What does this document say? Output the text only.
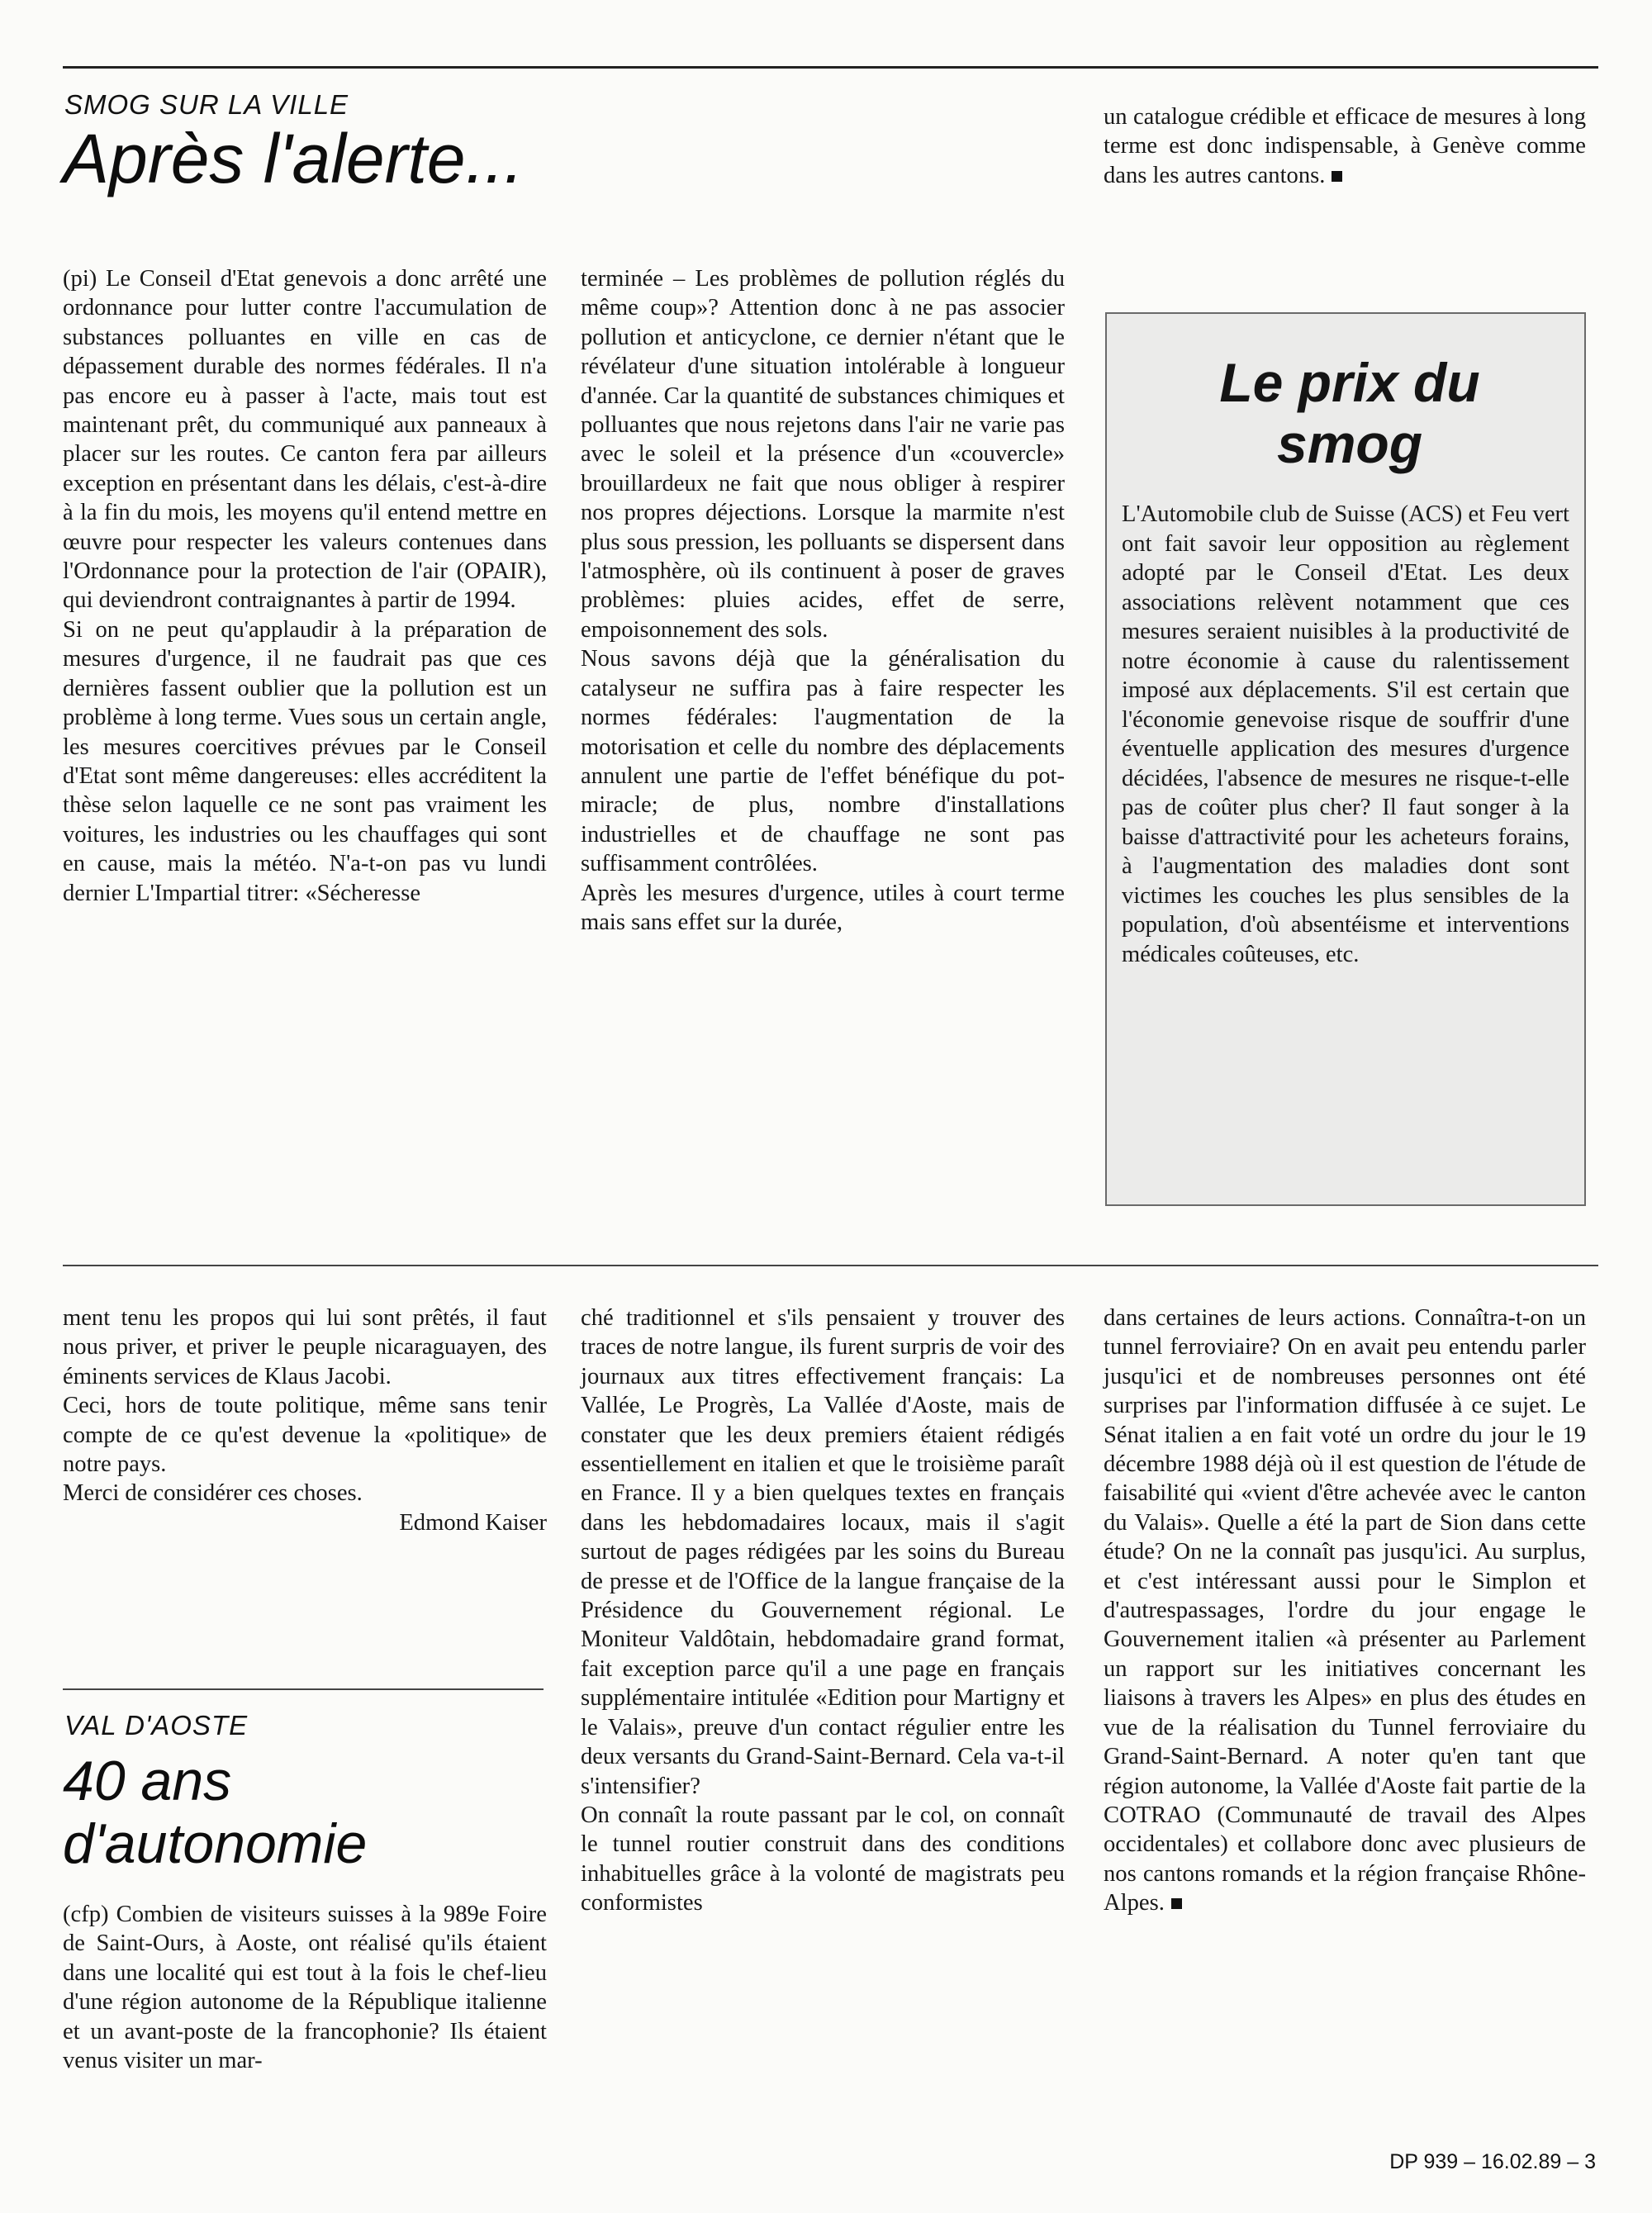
SMOG SUR LA VILLE
Après l'alerte...

(pi) Le Conseil d'Etat genevois a donc arrêté une ordonnance pour lutter contre l'accumulation de substances polluantes en ville en cas de dépassement durable des normes fédérales. Il n'a pas encore eu à passer à l'acte, mais tout est maintenant prêt, du communiqué aux panneaux à placer sur les routes. Ce canton fera par ailleurs exception en présentant dans les délais, c'est-à-dire à la fin du mois, les moyens qu'il entend mettre en œuvre pour respecter les valeurs contenues dans l'Ordonnance pour la protection de l'air (OPAIR), qui deviendront contraignantes à partir de 1994.

Si on ne peut qu'applaudir à la préparation de mesures d'urgence, il ne faudrait pas que ces dernières fassent oublier que la pollution est un problème à long terme. Vues sous un certain angle, les mesures coercitives prévues par le Conseil d'Etat sont même dangereuses: elles accréditent la thèse selon laquelle ce ne sont pas vraiment les voitures, les industries ou les chauffages qui sont en cause, mais la météo. N'a-t-on pas vu lundi dernier L'Impartial titrer: «Sécheresse

terminée – Les problèmes de pollution réglés du même coup»? Attention donc à ne pas associer pollution et anticyclone, ce dernier n'étant que le révélateur d'une situation intolérable à longueur d'année. Car la quantité de substances chimiques et polluantes que nous rejetons dans l'air ne varie pas avec le soleil et la présence d'un «couvercle» brouillardeux ne fait que nous obliger à respirer nos propres déjections. Lorsque la marmite n'est plus sous pression, les polluants se dispersent dans l'atmosphère, où ils continuent à poser de graves problèmes: pluies acides, effet de serre, empoisonnement des sols.

Nous savons déjà que la généralisation du catalyseur ne suffira pas à faire respecter les normes fédérales: l'augmentation de la motorisation et celle du nombre des déplacements annulent une partie de l'effet bénéfique du pot-miracle; de plus, nombre d'installations industrielles et de chauffage ne sont pas suffisamment contrôlées.

Après les mesures d'urgence, utiles à court terme mais sans effet sur la durée,

un catalogue crédible et efficace de mesures à long terme est donc indispensable, à Genève comme dans les autres cantons.

Le prix du smog
L'Automobile club de Suisse (ACS) et Feu vert ont fait savoir leur opposition au règlement adopté par le Conseil d'Etat. Les deux associations relèvent notamment que ces mesures seraient nuisibles à la productivité de notre économie à cause du ralentissement imposé aux déplacements. S'il est certain que l'économie genevoise risque de souffrir d'une éventuelle application des mesures d'urgence décidées, l'absence de mesures ne risque-t-elle pas de coûter plus cher? Il faut songer à la baisse d'attractivité pour les acheteurs forains, à l'augmentation des maladies dont sont victimes les couches les plus sensibles de la population, d'où absentéisme et interventions médicales coûteuses, etc.

ment tenu les propos qui lui sont prêtés, il faut nous priver, et priver le peuple nicaraguayen, des éminents services de Klaus Jacobi.

Ceci, hors de toute politique, même sans tenir compte de ce qu'est devenue la «politique» de notre pays.

Merci de considérer ces choses.

Edmond Kaiser

VAL D'AOSTE
40 ans
d'autonomie

(cfp) Combien de visiteurs suisses à la 989e Foire de Saint-Ours, à Aoste, ont réalisé qu'ils étaient dans une localité qui est tout à la fois le chef-lieu d'une région autonome de la République italienne et un avant-poste de la francophonie? Ils étaient venus visiter un mar-

ché traditionnel et s'ils pensaient y trouver des traces de notre langue, ils furent surpris de voir des journaux aux titres effectivement français: La Vallée, Le Progrès, La Vallée d'Aoste, mais de constater que les deux premiers étaient rédigés essentiellement en italien et que le troisième paraît en France. Il y a bien quelques textes en français dans les hebdomadaires locaux, mais il s'agit surtout de pages rédigées par les soins du Bureau de presse et de l'Office de la langue française de la Présidence du Gouvernement régional. Le Moniteur Valdôtain, hebdomadaire grand format, fait exception parce qu'il a une page en français supplémentaire intitulée «Edition pour Martigny et le Valais», preuve d'un contact régulier entre les deux versants du Grand-Saint-Bernard. Cela va-t-il s'intensifier?

On connaît la route passant par le col, on connaît le tunnel routier construit dans des conditions inhabituelles grâce à la volonté de magistrats peu conformistes

dans certaines de leurs actions. Connaîtra-t-on un tunnel ferroviaire? On en avait peu entendu parler jusqu'ici et de nombreuses personnes ont été surprises par l'information diffusée à ce sujet. Le Sénat italien a en fait voté un ordre du jour le 19 décembre 1988 déjà où il est question de l'étude de faisabilité qui «vient d'être achevée avec le canton du Valais». Quelle a été la part de Sion dans cette étude? On ne la connaît pas jusqu'ici. Au surplus, et c'est intéressant aussi pour le Simplon et d'autrespassages, l'ordre du jour engage le Gouvernement italien «à présenter au Parlement un rapport sur les initiatives concernant les liaisons à travers les Alpes» en plus des études en vue de la réalisation du Tunnel ferroviaire du Grand-Saint-Bernard. A noter qu'en tant que région autonome, la Vallée d'Aoste fait partie de la COTRAO (Communauté de travail des Alpes occidentales) et collabore donc avec plusieurs de nos cantons romands et la région française Rhône-Alpes.

DP 939 – 16.02.89 – 3
